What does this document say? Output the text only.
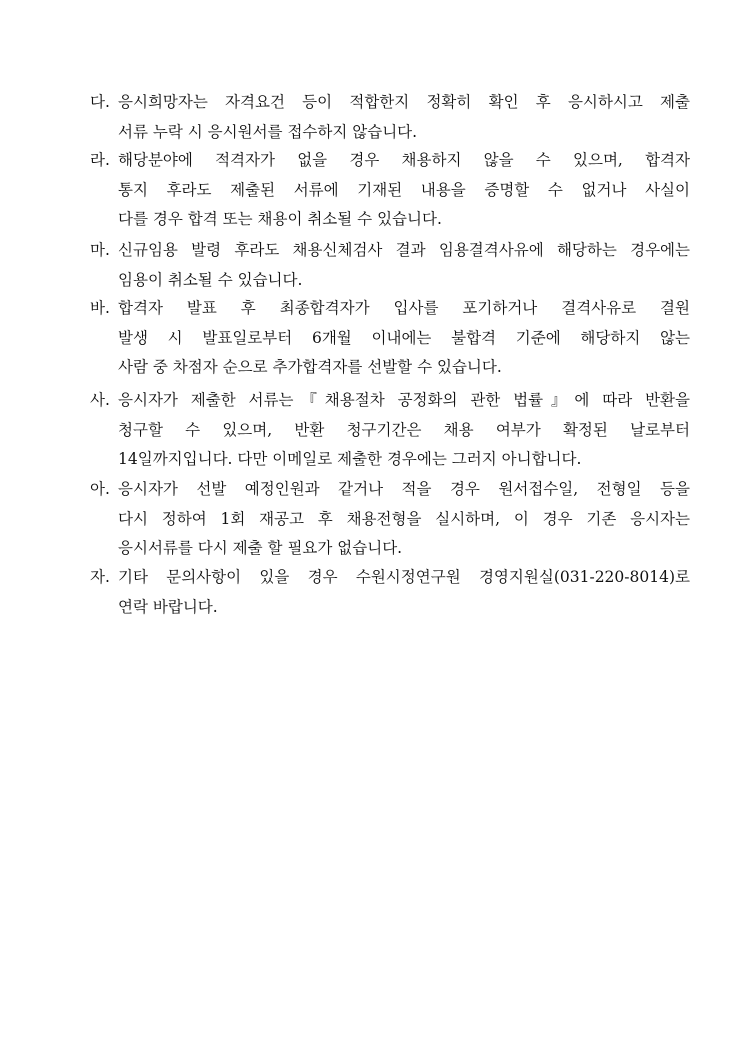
다. 응시희망자는 자격요건 등이 적합한지 정확히 확인 후 응시하시고 제출
서류 누락 시 응시원서를 접수하지 않습니다.
라. 해당분야에 적격자가 없을 경우 채용하지 않을 수 있으며, 합격자
통지 후라도 제출된 서류에 기재된 내용을 증명할 수 없거나 사실이
다를 경우 합격 또는 채용이 취소될 수 있습니다.
마. 신규임용 발령 후라도 채용신체검사 결과 임용결격사유에 해당하는 경우에는
임용이 취소될 수 있습니다.
바. 합격자 발표 후 최종합격자가 입사를 포기하거나 결격사유로 결원
발생 시 발표일로부터 6개월 이내에는 불합격 기준에 해당하지 않는
사람 중 차점자 순으로 추가합격자를 선발할 수 있습니다.
사. 응시자가 제출한 서류는『채용절차 공정화의 관한 법률』에 따라 반환을
청구할 수 있으며, 반환 청구기간은 채용 여부가 확정된 날로부터
14일까지입니다. 다만 이메일로 제출한 경우에는 그러지 아니합니다.
아. 응시자가 선발 예정인원과 같거나 적을 경우 원서접수일, 전형일 등을
다시 정하여 1회 재공고 후 채용전형을 실시하며, 이 경우 기존 응시자는
응시서류를 다시 제출 할 필요가 없습니다.
자. 기타 문의사항이 있을 경우 수원시정연구원 경영지원실(031-220-8014)로
연락 바랍니다.
